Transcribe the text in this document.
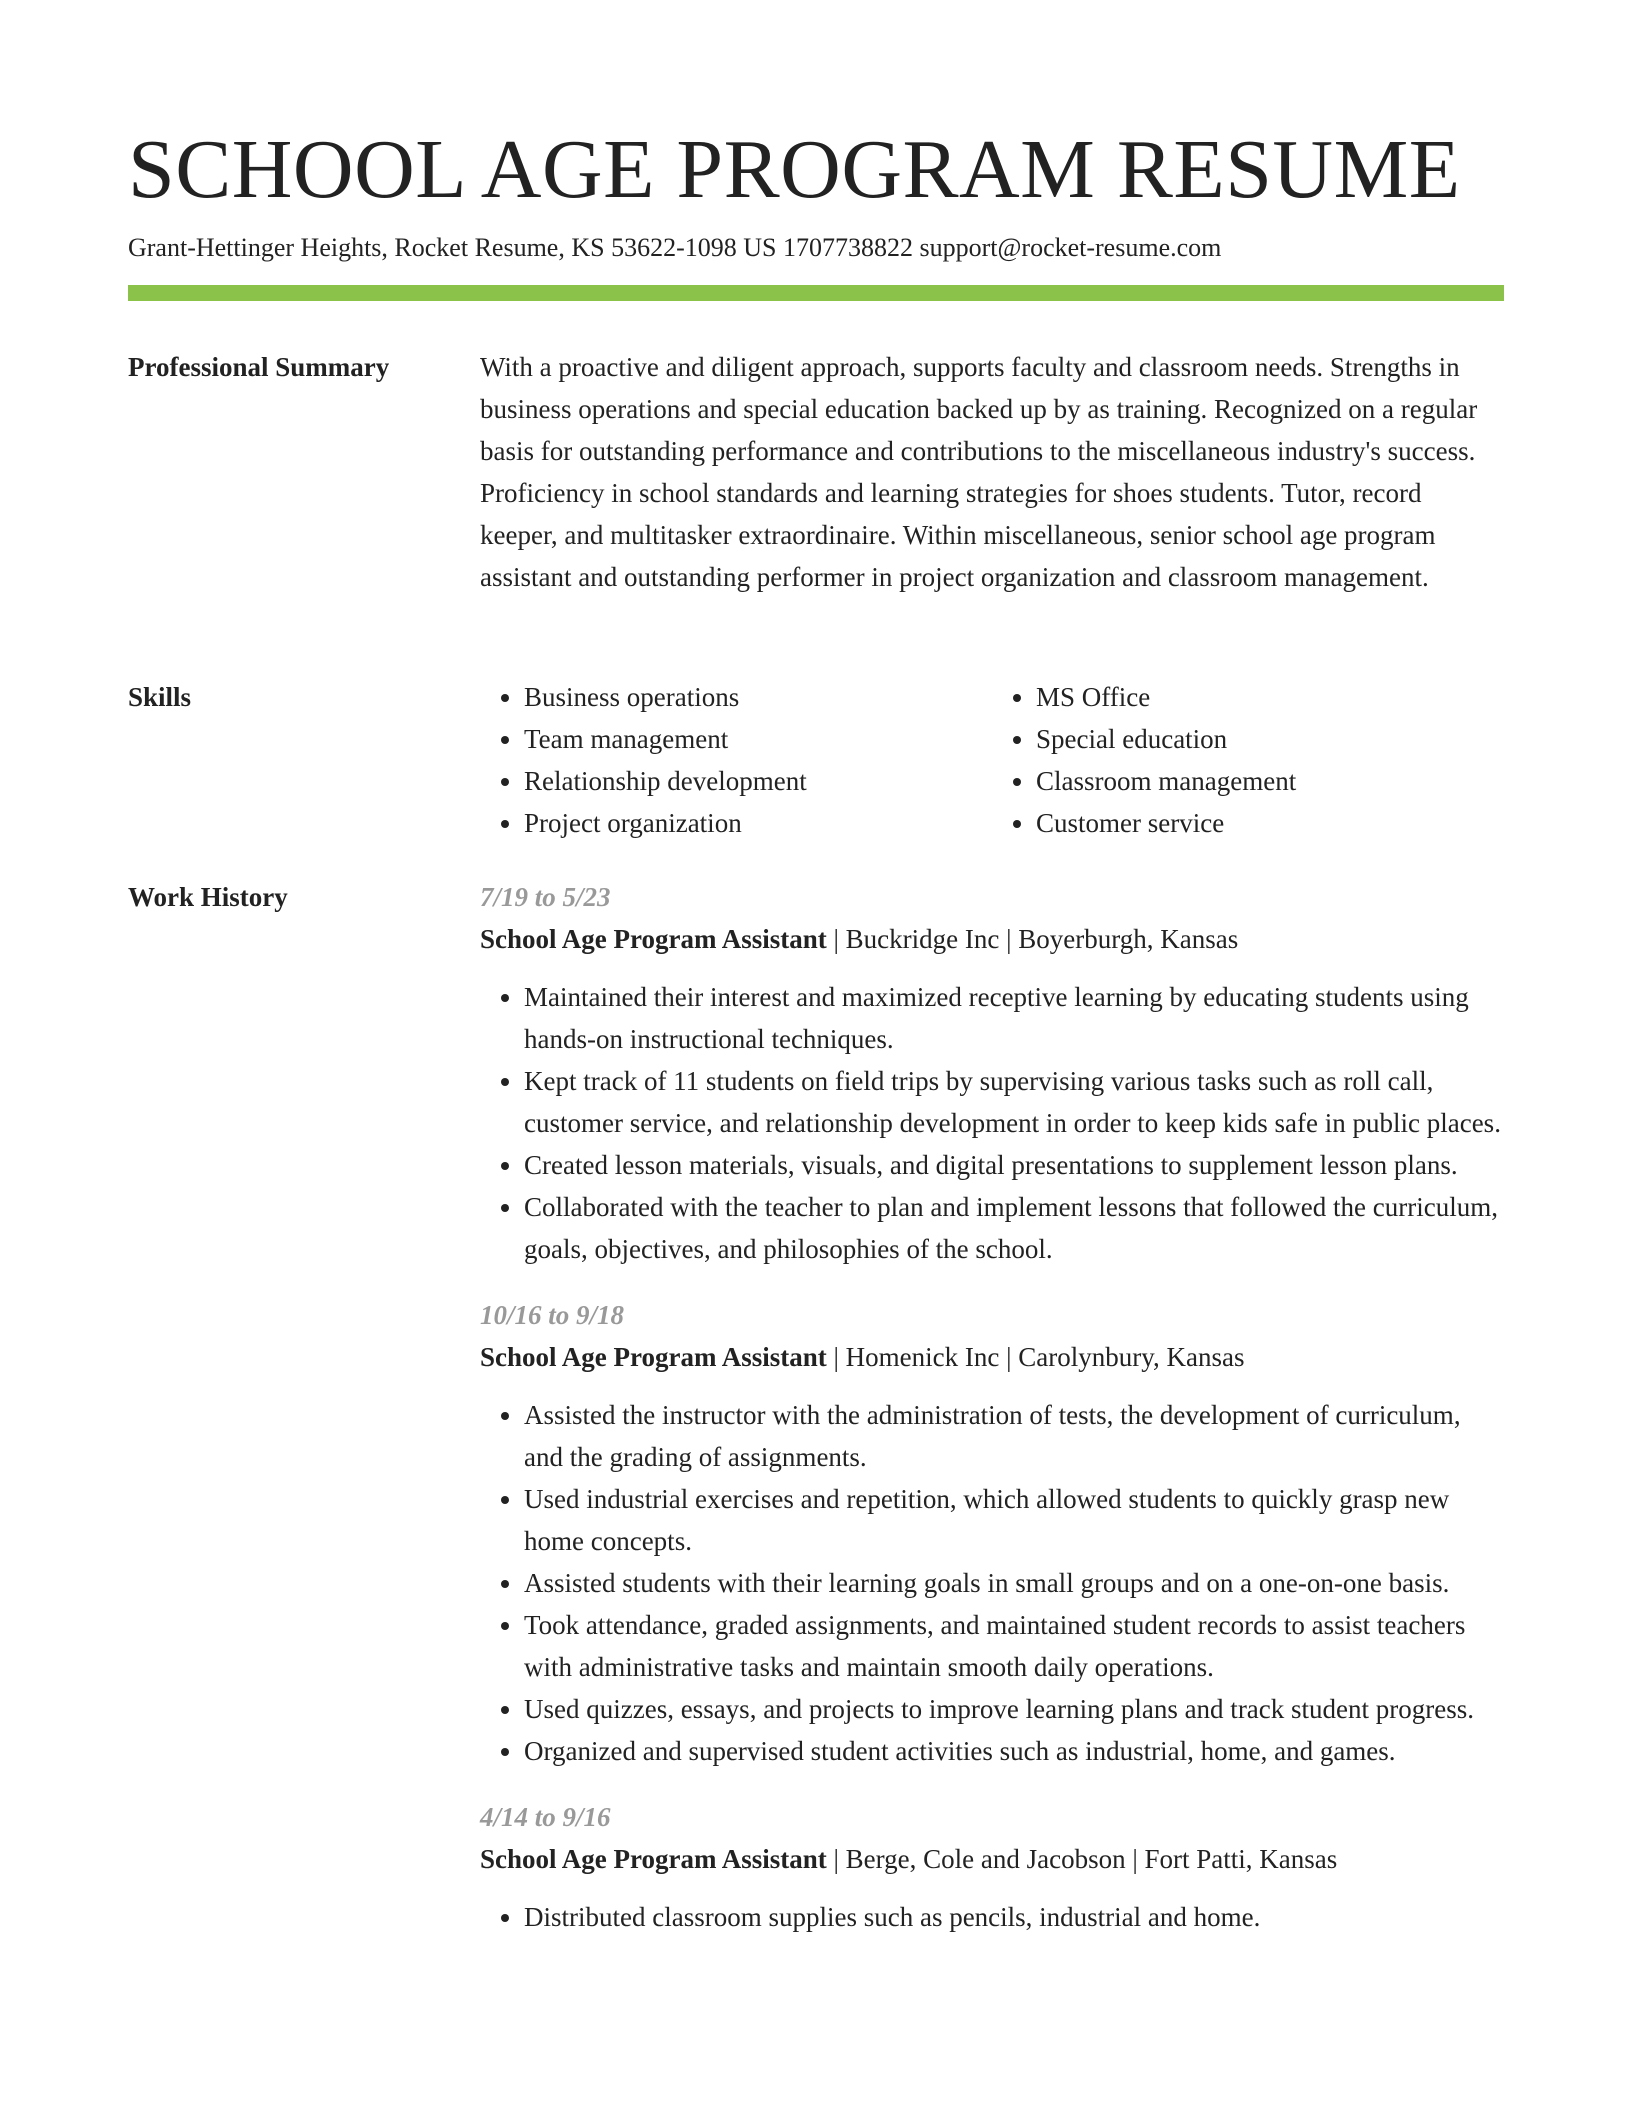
SCHOOL AGE PROGRAM RESUME
Grant-Hettinger Heights, Rocket Resume, KS 53622-1098 US 1707738822 support@rocket-resume.com
Professional Summary	With a proactive and diligent approach, supports faculty and classroom needs. Strengths in business operations and special education backed up by as training. Recognized on a regular basis for outstanding performance and contributions to the miscellaneous industry's success. Proficiency in school standards and learning strategies for shoes students. Tutor, record keeper, and multitasker extraordinaire. Within miscellaneous, senior school age program assistant and outstanding performer in project organization and classroom management.

Skills
•	Business operations
• Team management
• Relationship development
• Project organization
• MS Office
• Special education
• Classroom management
• Customer service
Work History	7/19 to 5/23
School Age Program Assistant | Buckridge Inc | Boyerburgh, Kansas
• Maintained their interest and maximized receptive learning by educating students using hands-on instructional techniques.
• Kept track of 11 students on field trips by supervising various tasks such as roll call, customer service, and relationship development in order to keep kids safe in public places.
• Created lesson materials, visuals, and digital presentations to supplement lesson plans.
• Collaborated with the teacher to plan and implement lessons that followed the curriculum, goals, objectives, and philosophies of the school.
10/16 to 9/18
School Age Program Assistant | Homenick Inc | Carolynbury, Kansas
• Assisted the instructor with the administration of tests, the development of curriculum, and the grading of assignments.
• Used industrial exercises and repetition, which allowed students to quickly grasp new home concepts.
• Assisted students with their learning goals in small groups and on a one-on-one basis.
• Took attendance, graded assignments, and maintained student records to assist teachers with administrative tasks and maintain smooth daily operations.
• Used quizzes, essays, and projects to improve learning plans and track student progress.
• Organized and supervised student activities such as industrial, home, and games.
4/14 to 9/16
School Age Program Assistant | Berge, Cole and Jacobson | Fort Patti, Kansas
• Distributed classroom supplies such as pencils, industrial and home.
